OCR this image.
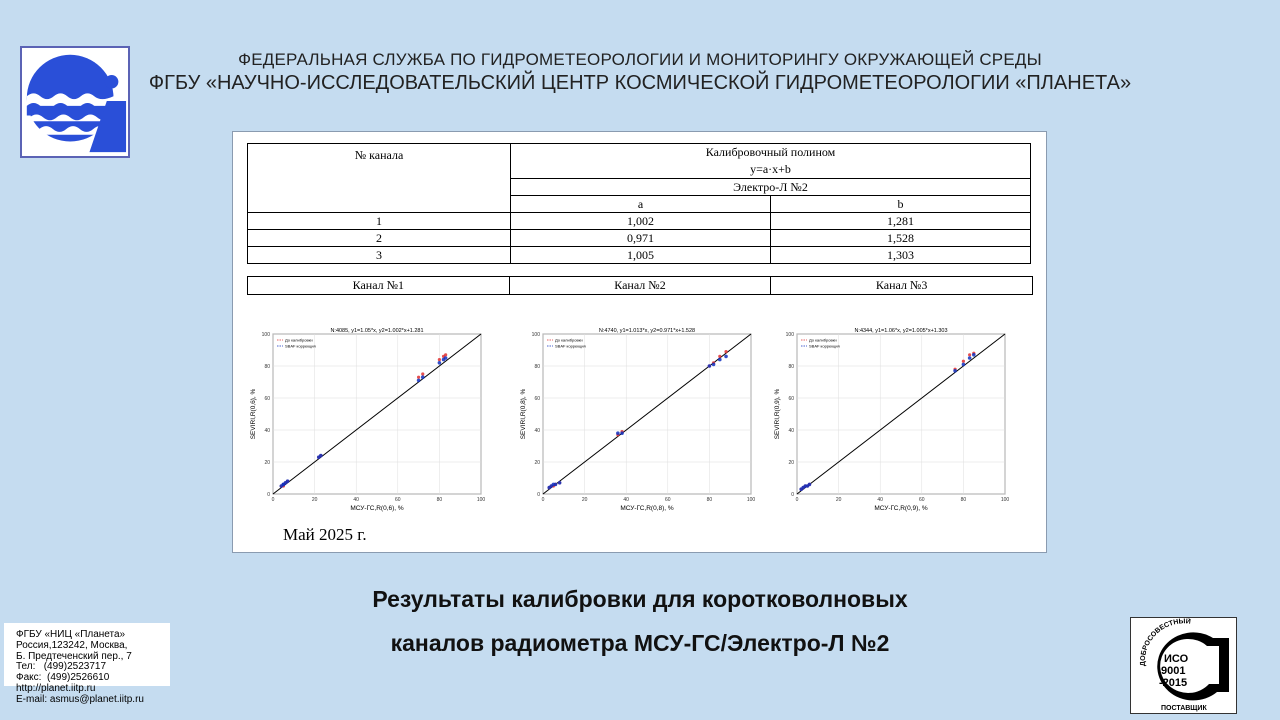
ФЕДЕРАЛЬНАЯ СЛУЖБА ПО ГИДРОМЕТЕОРОЛОГИИ И МОНИТОРИНГУ ОКРУЖАЮЩЕЙ СРЕДЫ
ФГБУ «НАУЧНО-ИССЛЕДОВАТЕЛЬСКИЙ ЦЕНТР КОСМИЧЕСКОЙ ГИДРОМЕТЕОРОЛОГИИ «ПЛАНЕТА»
№ канала	Калибровочный полином
y=a·x+b	

	Электро-Л №2	
	a	b
1	1,002	1,281
2	0,971	1,528
3	1,005	1,303
Канал №1	Канал №2	Канал №3
0
0
20
20
40
40
60
60
80
80
100
100
N:4085, y1=1.05*x, y2=1.002*x+1.281
До калибровки
SBAF коррекция
МСУ-ГС,R(0,6), %
SEVIRI,R(0,6), %
0
0
20
20
40
40
60
60
80
80
100
100
N:4740, y1=1.013*x, y2=0.971*x+1.528
До калибровки
SBAF коррекция
МСУ-ГС,R(0,8), %
SEVIRI,R(0,8), %
0
0
20
20
40
40
60
60
80
80
100
100
N:4344, y1=1.06*x, y2=1.005*x+1.303
До калибровки
SBAF коррекция
МСУ-ГС,R(0,9), %
SEVIRI,R(0,9), %
Май 2025 г.
Результаты калибровки для коротковолновых
каналов радиометра МСУ-ГС/Электро-Л №2
ФГБУ «НИЦ «Планета»
Россия,123242, Москва,
Б. Предтеченский пер., 7
Тел:   (499)2523717
Факс:  (499)2526610
http://planet.iitp.ru
E-mail: asmus@planet.iitp.ru
ДОБРОСОВЕСТНЫЙ
ИСО
9001
-2015
ПОСТАВЩИК
